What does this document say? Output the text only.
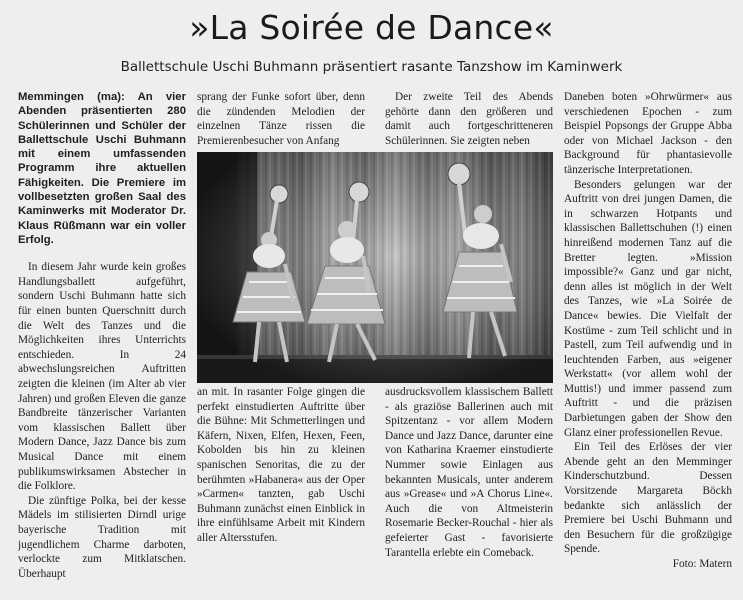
»La Soirée de Dance«
Ballettschule Uschi Buhmann präsentiert rasante Tanzshow im Kaminwerk

Memmingen (ma): An vier Abenden präsentierten 280 Schülerinnen und Schüler der Ballettschule Uschi Buhmann mit einem umfassenden Programm ihre aktuellen Fähigkeiten. Die Premiere im vollbesetzten großen Saal des Kaminwerks mit Moderator Dr. Klaus Rüßmann war ein voller Erfolg.

In diesem Jahr wurde kein großes Handlungsballett aufgeführt, sondern Uschi Buhmann hatte sich für einen bunten Querschnitt durch die Welt des Tanzes und die Möglichkeiten ihres Unterrichts entschieden. In 24 abwechslungsreichen Auftritten zeigten die kleinen (im Alter ab vier Jahren) und großen Eleven die ganze Bandbreite tänzerischer Varianten vom klassischen Ballett über Modern Dance, Jazz Dance bis zum Musical Dance mit einem publikumswirksamen Abstecher in die Folklore.

Die zünftige Polka, bei der kesse Mädels im stilisierten Dirndl urige bayerische Tradition mit jugendlichem Charme darboten, verlockte zum Mitklatschen. Überhaupt

sprang der Funke sofort über, denn die zündenden Melodien der einzelnen Tänze rissen die Premierenbesucher von Anfang

Der zweite Teil des Abends gehörte dann den größeren und damit auch fortgeschritteneren Schülerinnen. Sie zeigten neben

an mit. In rasanter Folge gingen die perfekt einstudierten Auftritte über die Bühne: Mit Schmetterlingen und Käfern, Nixen, Elfen, Hexen, Feen, Kobolden bis hin zu kleinen spanischen Senoritas, die zu der berühmten »Habanera« aus der Oper »Carmen« tanzten, gab Uschi Buhmann zunächst einen Einblick in ihre einfühlsame Arbeit mit Kindern aller Altersstufen.

ausdrucksvollem klassischem Ballett - als graziöse Ballerinen auch mit Spitzentanz - vor allem Modern Dance und Jazz Dance, darunter eine von Katharina Kraemer einstudierte Nummer sowie Einlagen aus bekannten Musicals, unter anderem aus »Grease« und »A Chorus Line«. Auch die von Altmeisterin Rosemarie Becker-Rouchal - hier als gefeierter Gast - favorisierte Tarantella erlebte ein Comeback.

Daneben boten »Ohrwürmer« aus verschiedenen Epochen - zum Beispiel Popsongs der Gruppe Abba oder von Michael Jackson - den Background für phantasievolle tänzerische Interpretationen.

Besonders gelungen war der Auftritt von drei jungen Damen, die in schwarzen Hotpants und klassischen Ballettschuhen (!) einen hinreißend modernen Tanz auf die Bretter legten. »Mission impossible?« Ganz und gar nicht, denn alles ist möglich in der Welt des Tanzes, wie »La Soirée de Dance« bewies. Die Vielfalt der Kostüme - zum Teil schlicht und in Pastell, zum Teil aufwendig und in leuchtenden Farben, aus »eigener Werkstatt« (vor allem wohl der Muttis!) und immer passend zum Auftritt - und die präzisen Darbietungen gaben der Show den Glanz einer professionellen Revue.

Ein Teil des Erlöses der vier Abende geht an den Memminger Kinderschutzbund. Dessen Vorsitzende Margareta Böckh bedankte sich anlässlich der Premiere bei Uschi Buhmann und den Besuchern für die großzügige Spende.

Foto: Matern
